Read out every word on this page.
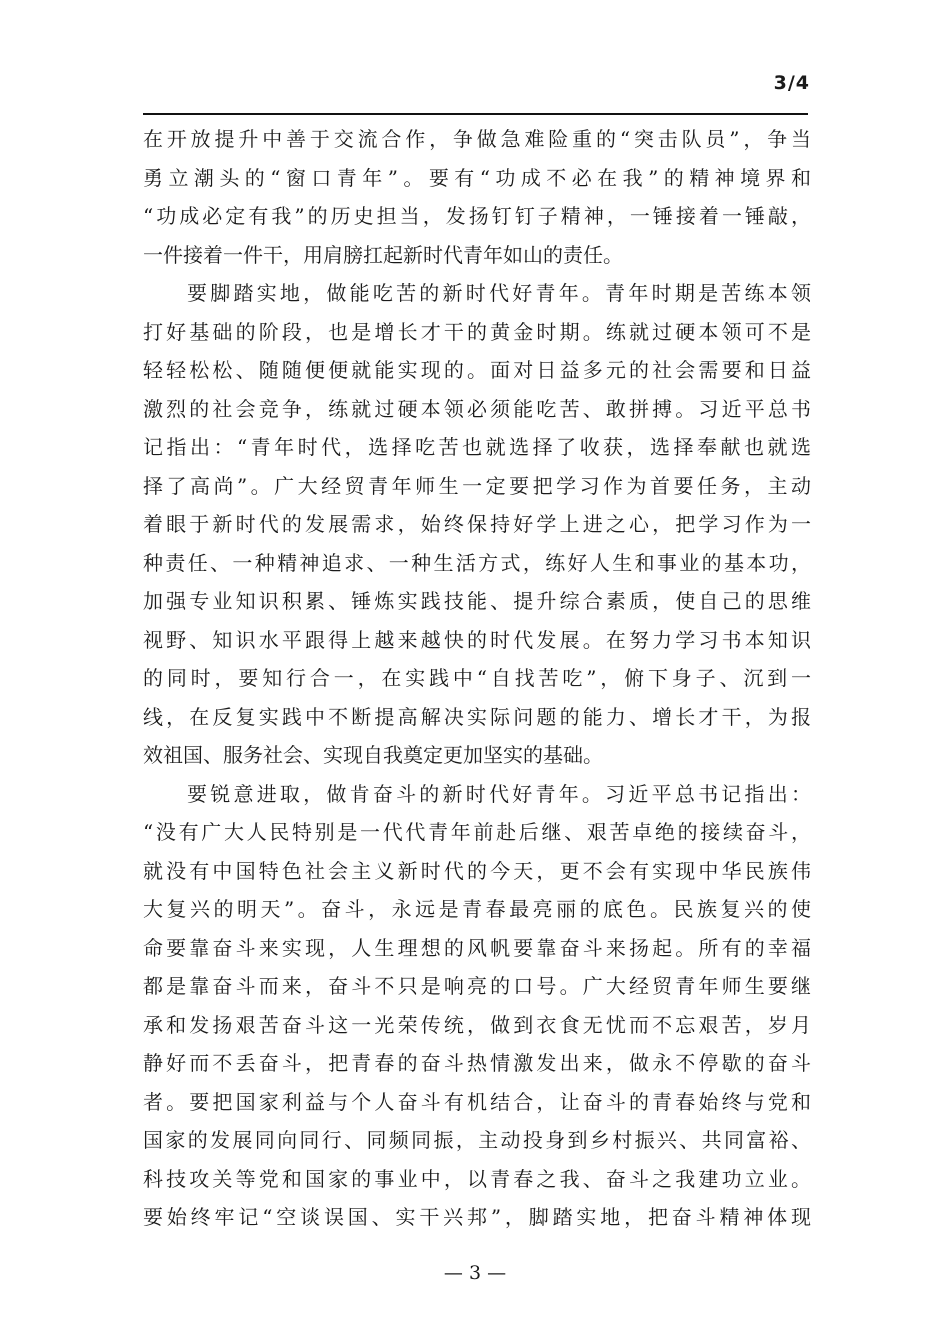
3/4
在开放提升中善于交流合作，争做急难险重的“突击队员”，争当
勇立潮头的“窗口青年”。要有“功成不必在我”的精神境界和
“功成必定有我”的历史担当，发扬钉钉子精神，一锤接着一锤敲，
一件接着一件干，用肩膀扛起新时代青年如山的责任。
要脚踏实地，做能吃苦的新时代好青年。青年时期是苦练本领
打好基础的阶段，也是增长才干的黄金时期。练就过硬本领可不是
轻轻松松、随随便便就能实现的。面对日益多元的社会需要和日益
激烈的社会竞争，练就过硬本领必须能吃苦、敢拼搏。习近平总书
记指出：“青年时代，选择吃苦也就选择了收获，选择奉献也就选
择了高尚”。广大经贸青年师生一定要把学习作为首要任务，主动
着眼于新时代的发展需求，始终保持好学上进之心，把学习作为一
种责任、一种精神追求、一种生活方式，练好人生和事业的基本功，
加强专业知识积累、锤炼实践技能、提升综合素质，使自己的思维
视野、知识水平跟得上越来越快的时代发展。在努力学习书本知识
的同时，要知行合一，在实践中“自找苦吃”，俯下身子、沉到一
线，在反复实践中不断提高解决实际问题的能力、增长才干，为报
效祖国、服务社会、实现自我奠定更加坚实的基础。
要锐意进取，做肯奋斗的新时代好青年。习近平总书记指出：
“没有广大人民特别是一代代青年前赴后继、艰苦卓绝的接续奋斗，
就没有中国特色社会主义新时代的今天，更不会有实现中华民族伟
大复兴的明天”。奋斗，永远是青春最亮丽的底色。民族复兴的使
命要靠奋斗来实现，人生理想的风帆要靠奋斗来扬起。所有的幸福
都是靠奋斗而来，奋斗不只是响亮的口号。广大经贸青年师生要继
承和发扬艰苦奋斗这一光荣传统，做到衣食无忧而不忘艰苦，岁月
静好而不丢奋斗，把青春的奋斗热情激发出来，做永不停歇的奋斗
者。要把国家利益与个人奋斗有机结合，让奋斗的青春始终与党和
国家的发展同向同行、同频同振，主动投身到乡村振兴、共同富裕、
科技攻关等党和国家的事业中，以青春之我、奋斗之我建功立业。
要始终牢记“空谈误国、实干兴邦”，脚踏实地，把奋斗精神体现
— 3 —
